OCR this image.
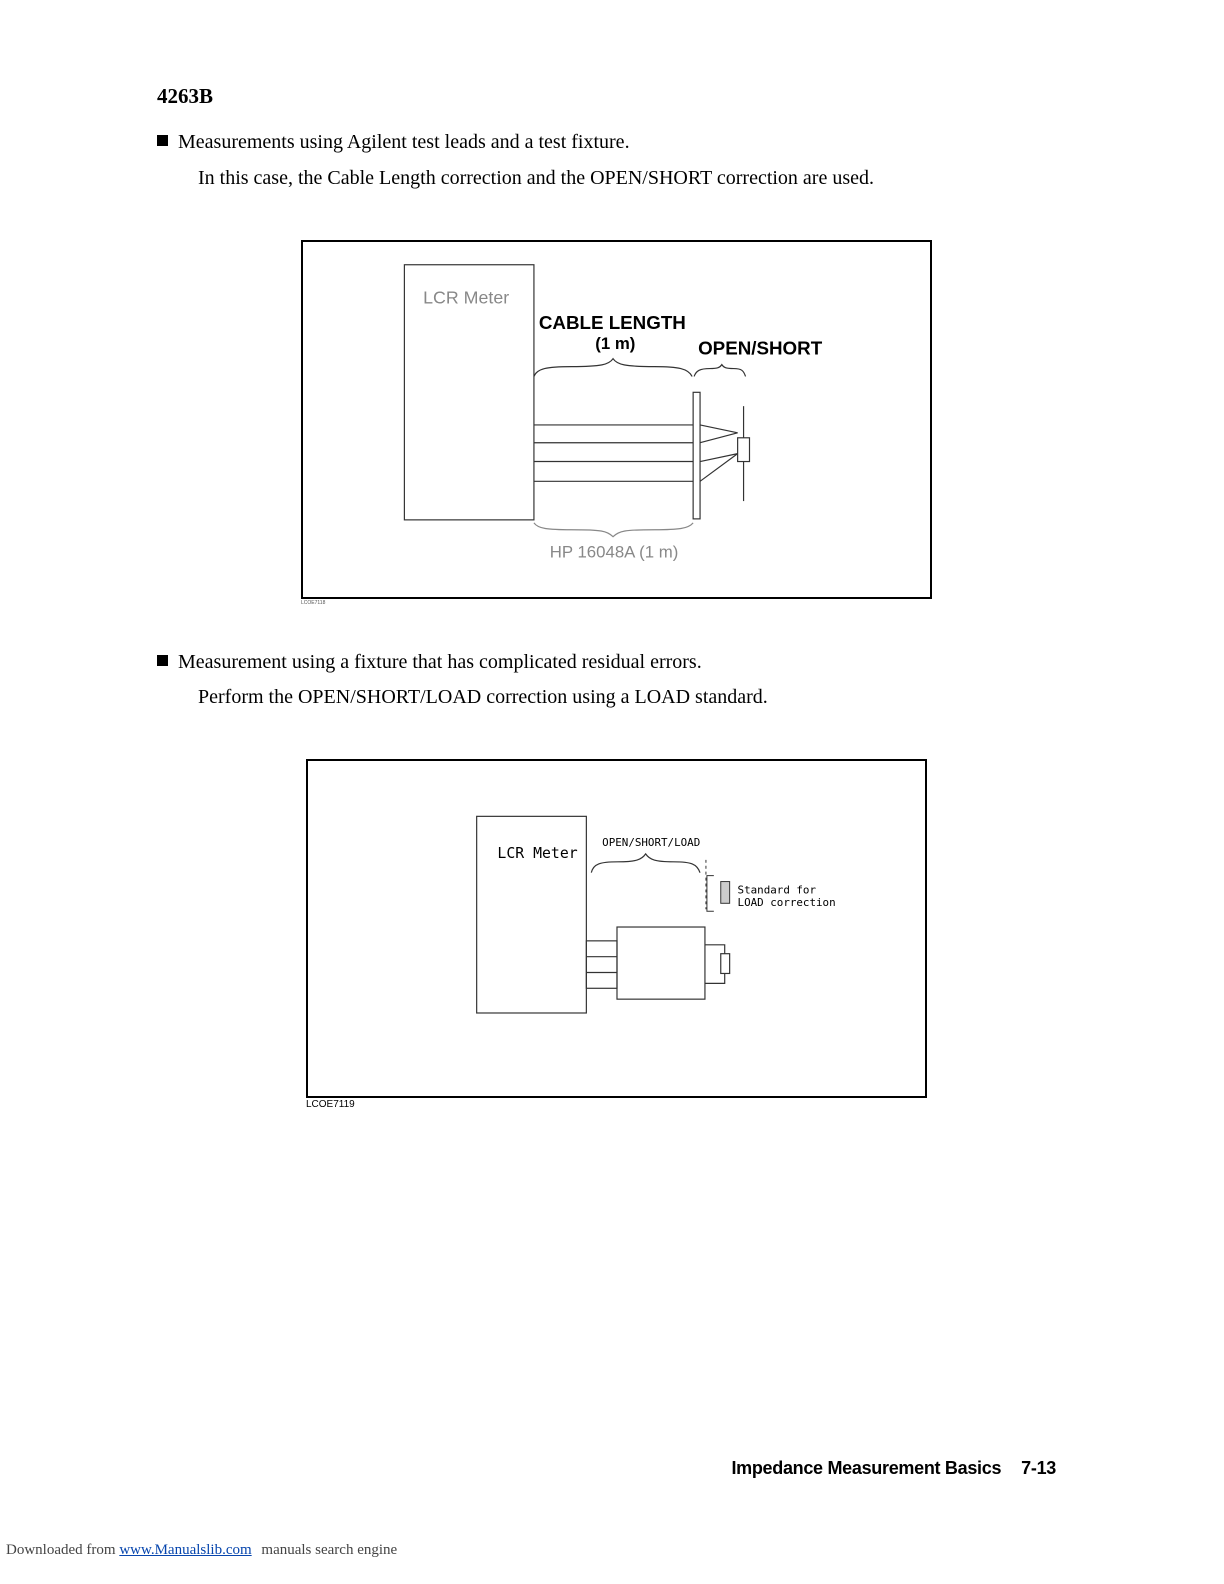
4263B
Measurements using Agilent test leads and a test fixture.
In this case, the Cable Length correction and the OPEN/SHORT correction are used.
LCR Meter
CABLE LENGTH
(1 m)	OPEN/SHORT
HP 16048A (1 m)
LCOE7118
Measurement using a fixture that has complicated residual errors.
Perform the OPEN/SHORT/LOAD correction using a LOAD standard.
LCR Meter
OPEN/SHORT/LOAD
Standard for
LOAD correction
LCOE7119
Impedance Measurement Basics 7-13
Downloaded from www.Manualslib.com manuals search engine
